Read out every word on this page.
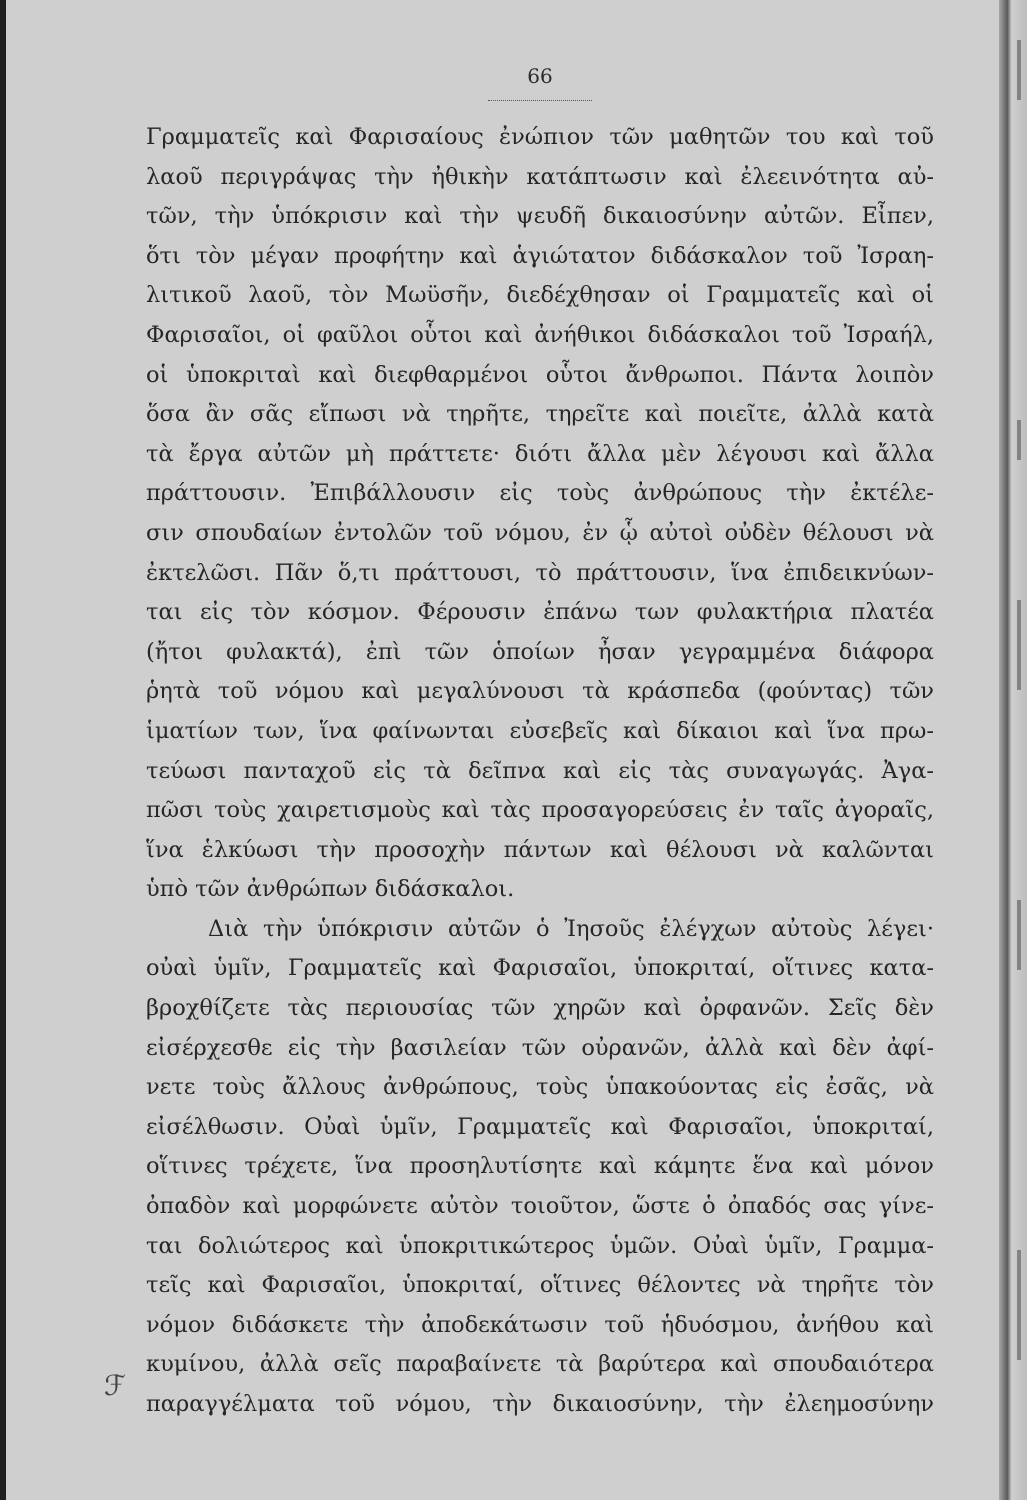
66
Γραμματεῖς καὶ Φαρισαίους ἐνώπιον τῶν μαθητῶν του καὶ τοῦ
λαοῦ περιγράψας τὴν ἠθικὴν κατάπτωσιν καὶ ἐλεεινότητα αὐ-
τῶν, τὴν ὑπόκρισιν καὶ τὴν ψευδῆ δικαιοσύνην αὐτῶν. Εἶπεν,
ὅτι τὸν μέγαν προφήτην καὶ ἁγιώτατον διδάσκαλον τοῦ Ἰσραη-
λιτικοῦ λαοῦ, τὸν Μωϋσῆν, διεδέχθησαν οἱ Γραμματεῖς καὶ οἱ
Φαρισαῖοι, οἱ φαῦλοι οὗτοι καὶ ἀνήθικοι διδάσκαλοι τοῦ Ἰσραήλ,
οἱ ὑποκριταὶ καὶ διεφθαρμένοι οὗτοι ἄνθρωποι. Πάντα λοιπὸν
ὅσα ἂν σᾶς εἴπωσι νὰ τηρῆτε, τηρεῖτε καὶ ποιεῖτε, ἀλλὰ κατὰ
τὰ ἔργα αὐτῶν μὴ πράττετε· διότι ἄλλα μὲν λέγουσι καὶ ἄλλα
πράττουσιν. Ἐπιβάλλουσιν εἰς τοὺς ἀνθρώπους τὴν ἐκτέλε-
σιν σπουδαίων ἐντολῶν τοῦ νόμου, ἐν ᾧ αὐτοὶ οὐδὲν θέλουσι νὰ
ἐκτελῶσι. Πᾶν ὅ,τι πράττουσι, τὸ πράττουσιν, ἵνα ἐπιδεικνύων-
ται εἰς τὸν κόσμον. Φέρουσιν ἐπάνω των φυλακτήρια πλατέα
(ἤτοι φυλακτά), ἐπὶ τῶν ὁποίων ἦσαν γεγραμμένα διάφορα
ῥητὰ τοῦ νόμου καὶ μεγαλύνουσι τὰ κράσπεδα (φούντας) τῶν
ἱματίων των, ἵνα φαίνωνται εὐσεβεῖς καὶ δίκαιοι καὶ ἵνα πρω-
τεύωσι πανταχοῦ εἰς τὰ δεῖπνα καὶ εἰς τὰς συναγωγάς. Ἀγα-
πῶσι τοὺς χαιρετισμοὺς καὶ τὰς προσαγορεύσεις ἐν ταῖς ἀγοραῖς,
ἵνα ἑλκύωσι τὴν προσοχὴν πάντων καὶ θέλουσι νὰ καλῶνται
ὑπὸ τῶν ἀνθρώπων διδάσκαλοι.
Διὰ τὴν ὑπόκρισιν αὐτῶν ὁ Ἰησοῦς ἐλέγχων αὐτοὺς λέγει·
οὐαὶ ὑμῖν, Γραμματεῖς καὶ Φαρισαῖοι, ὑποκριταί, οἵτινες κατα-
βροχθίζετε τὰς περιουσίας τῶν χηρῶν καὶ ὀρφανῶν. Σεῖς δὲν
εἰσέρχεσθε εἰς τὴν βασιλείαν τῶν οὐρανῶν, ἀλλὰ καὶ δὲν ἀφί-
νετε τοὺς ἄλλους ἀνθρώπους, τοὺς ὑπακούοντας εἰς ἐσᾶς, νὰ
εἰσέλθωσιν. Οὐαὶ ὑμῖν, Γραμματεῖς καὶ Φαρισαῖοι, ὑποκριταί,
οἵτινες τρέχετε, ἵνα προσηλυτίσητε καὶ κάμητε ἕνα καὶ μόνον
ὀπαδὸν καὶ μορφώνετε αὐτὸν τοιοῦτον, ὥστε ὁ ὀπαδός σας γίνε-
ται δολιώτερος καὶ ὑποκριτικώτερος ὑμῶν. Οὐαὶ ὑμῖν, Γραμμα-
τεῖς καὶ Φαρισαῖοι, ὑποκριταί, οἵτινες θέλοντες νὰ τηρῆτε τὸν
νόμον διδάσκετε τὴν ἀποδεκάτωσιν τοῦ ἡδυόσμου, ἀνήθου καὶ
κυμίνου, ἀλλὰ σεῖς παραβαίνετε τὰ βαρύτερα καὶ σπουδαιότερα
παραγγέλματα τοῦ νόμου, τὴν δικαιοσύνην, τὴν ἐλεημοσύνην
ℱ
